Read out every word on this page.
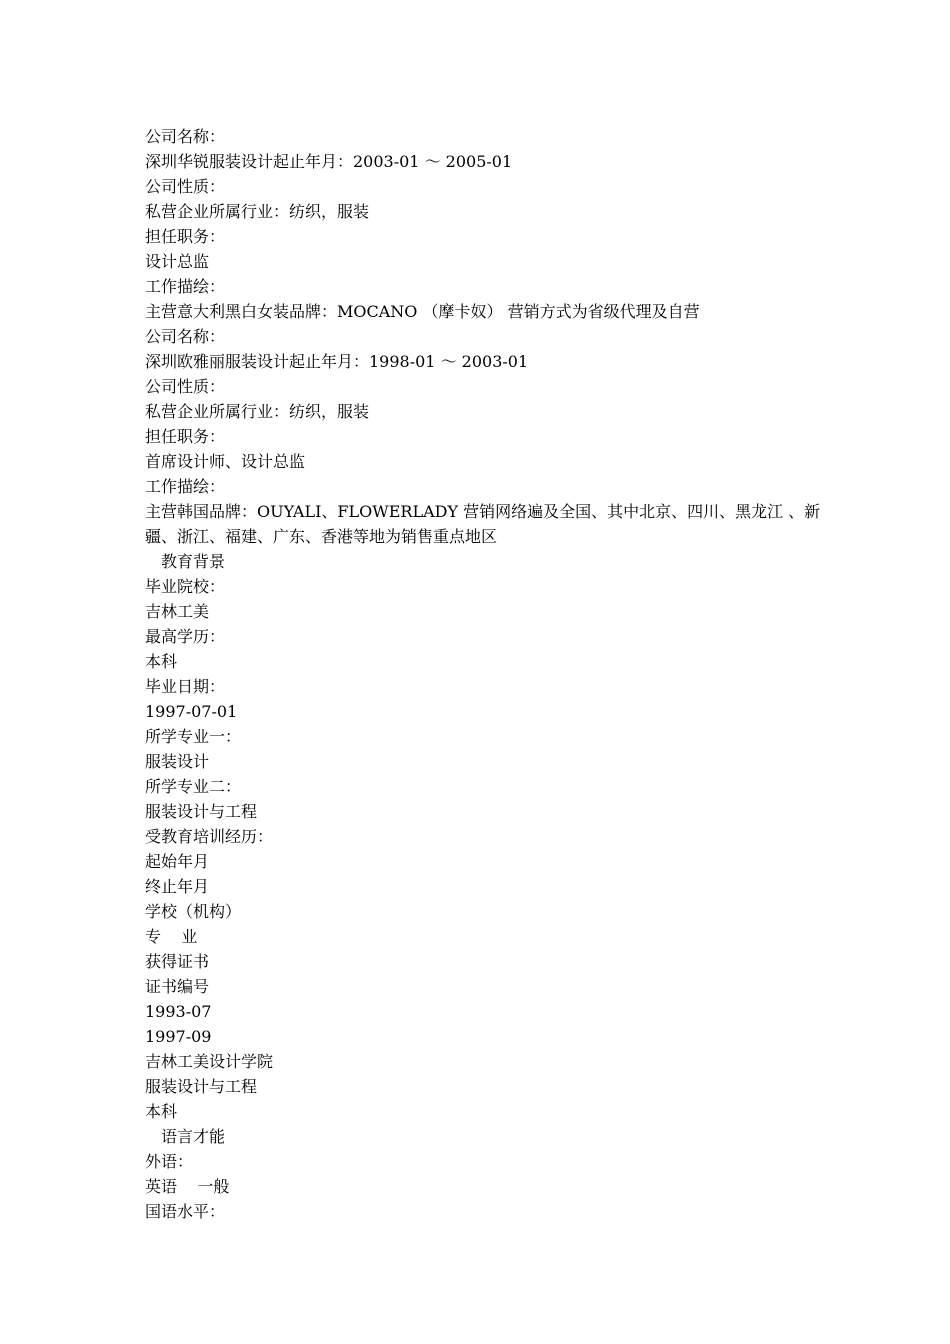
公司名称：
深圳华锐服装设计起止年月：2003-01 ～ 2005-01
公司性质：
私营企业所属行业：纺织，服装
担任职务：
设计总监
工作描绘：
主营意大利黑白女装品牌：MOCANO （摩卡奴） 营销方式为省级代理及自营
公司名称：
深圳欧雅丽服装设计起止年月：1998-01 ～ 2003-01
公司性质：
私营企业所属行业：纺织，服装
担任职务：
首席设计师、设计总监
工作描绘：
主营韩国品牌：OUYALI、FLOWERLADY 营销网络遍及全国、其中北京、四川、黑龙江 、新疆、浙江、福建、广东、香港等地为销售重点地区
教育背景
毕业院校：
吉林工美
最高学历：
本科
毕业日期：
1997-07-01
所学专业一：
服装设计
所学专业二：
服装设计与工程
受教育培训经历：
起始年月
终止年月
学校（机构）
专    业
获得证书
证书编号
1993-07
1997-09
吉林工美设计学院
服装设计与工程
本科
语言才能
外语：
英语    一般
国语水平：
